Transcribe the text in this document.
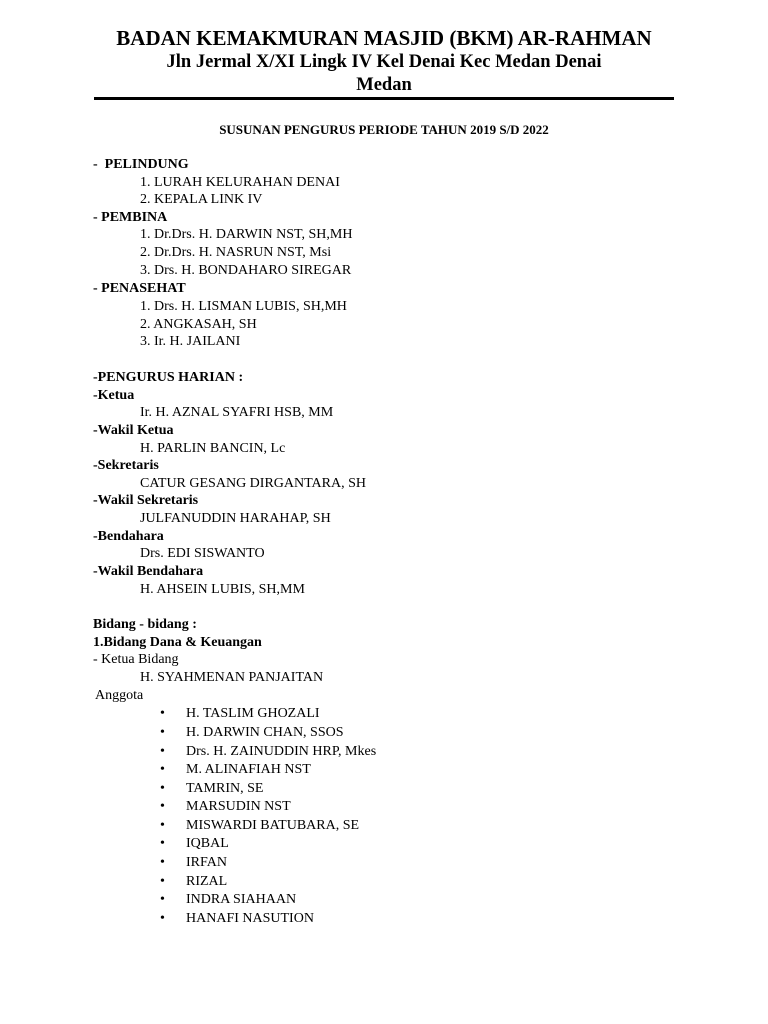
BADAN KEMAKMURAN MASJID (BKM) AR-RAHMAN
Jln Jermal X/XI Lingk IV Kel Denai Kec Medan Denai
Medan
SUSUNAN PENGURUS PERIODE TAHUN 2019 S/D 2022
-  PELINDUNG
1. LURAH KELURAHAN DENAI
2. KEPALA LINK IV
- PEMBINA
1. Dr.Drs. H. DARWIN NST, SH,MH
2. Dr.Drs. H. NASRUN NST, Msi
3. Drs. H. BONDAHARO SIREGAR
- PENASEHAT
1. Drs. H. LISMAN LUBIS, SH,MH
2. ANGKASAH, SH
3. Ir. H. JAILANI
-PENGURUS HARIAN :
-Ketua
Ir. H. AZNAL SYAFRI HSB, MM
-Wakil Ketua
H. PARLIN BANCIN, Lc
-Sekretaris
CATUR GESANG DIRGANTARA, SH
-Wakil Sekretaris
JULFANUDDIN HARAHAP, SH
-Bendahara
Drs. EDI SISWANTO
-Wakil Bendahara
H. AHSEIN LUBIS, SH,MM
Bidang - bidang :
1.Bidang Dana & Keuangan
- Ketua Bidang
H. SYAHMENAN PANJAITAN
Anggota
• H. TASLIM GHOZALI
• H. DARWIN CHAN, SSOS
• Drs. H. ZAINUDDIN HRP, Mkes
• M. ALINAFIAH NST
• TAMRIN, SE
• MARSUDIN NST
• MISWARDI BATUBARA, SE
• IQBAL
• IRFAN
• RIZAL
• INDRA SIAHAAN
• HANAFI NASUTION
